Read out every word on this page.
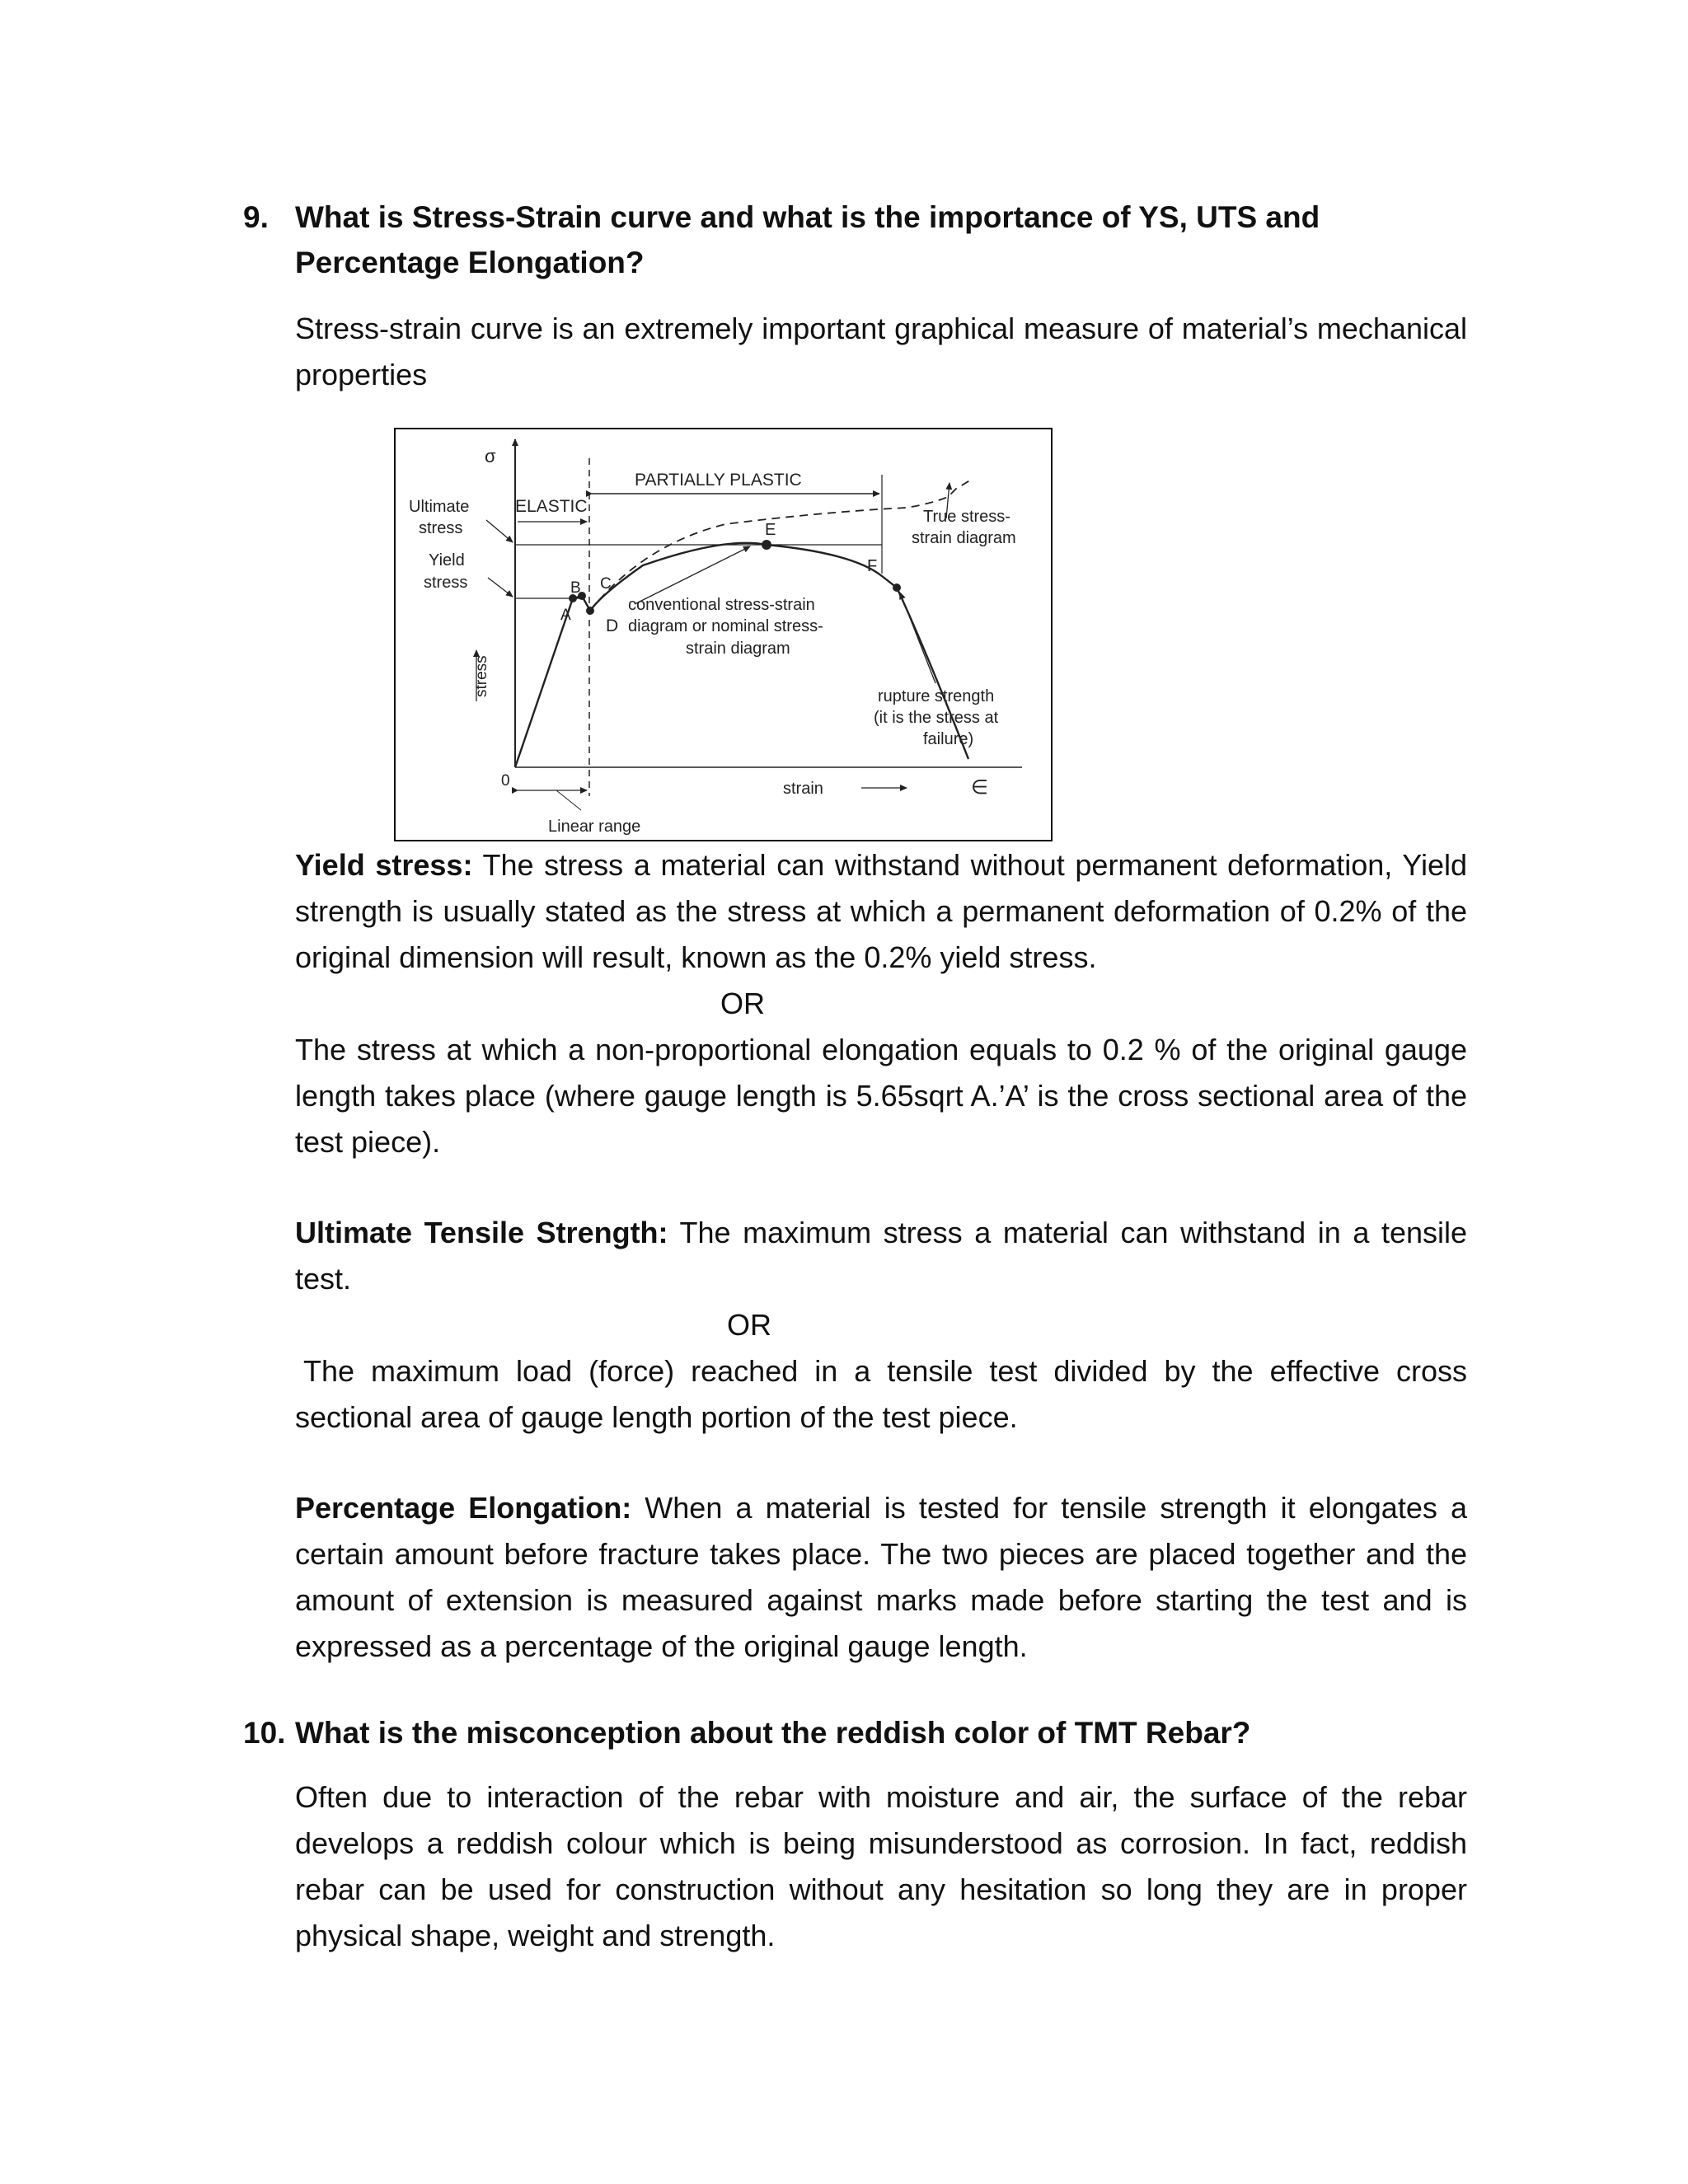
9. What is Stress-Strain curve and what is the importance of YS, UTS and Percentage Elongation?
Stress-strain curve is an extremely important graphical measure of material’s mechanical properties
σ
PARTIALLY PLASTIC
ELASTIC
Ultimate
stress
Yield
stress
True stress-
strain diagram
A
B C
D
E
F
conventional stress-strain
diagram or nominal stress-
strain diagram
stress	rupture strength
(it is the stress at
failure)
0	strain	∈
Linear range
Yield stress: The stress a material can withstand without permanent deformation, Yield strength is usually stated as the stress at which a permanent deformation of 0.2% of the original dimension will result, known as the 0.2% yield stress.
OR
The stress at which a non-proportional elongation equals to 0.2 % of the original gauge length takes place (where gauge length is 5.65sqrt A.’A’ is the cross sectional area of the test piece).
Ultimate Tensile Strength: The maximum stress a material can withstand in a tensile test.
OR
The maximum load (force) reached in a tensile test divided by the effective cross sectional area of gauge length portion of the test piece.
Percentage Elongation: When a material is tested for tensile strength it elongates a certain amount before fracture takes place. The two pieces are placed together and the amount of extension is measured against marks made before starting the test and is expressed as a percentage of the original gauge length.
10. What is the misconception about the reddish color of TMT Rebar?
Often due to interaction of the rebar with moisture and air, the surface of the rebar develops a reddish colour which is being misunderstood as corrosion. In fact, reddish rebar can be used for construction without any hesitation so long they are in proper physical shape, weight and strength.
